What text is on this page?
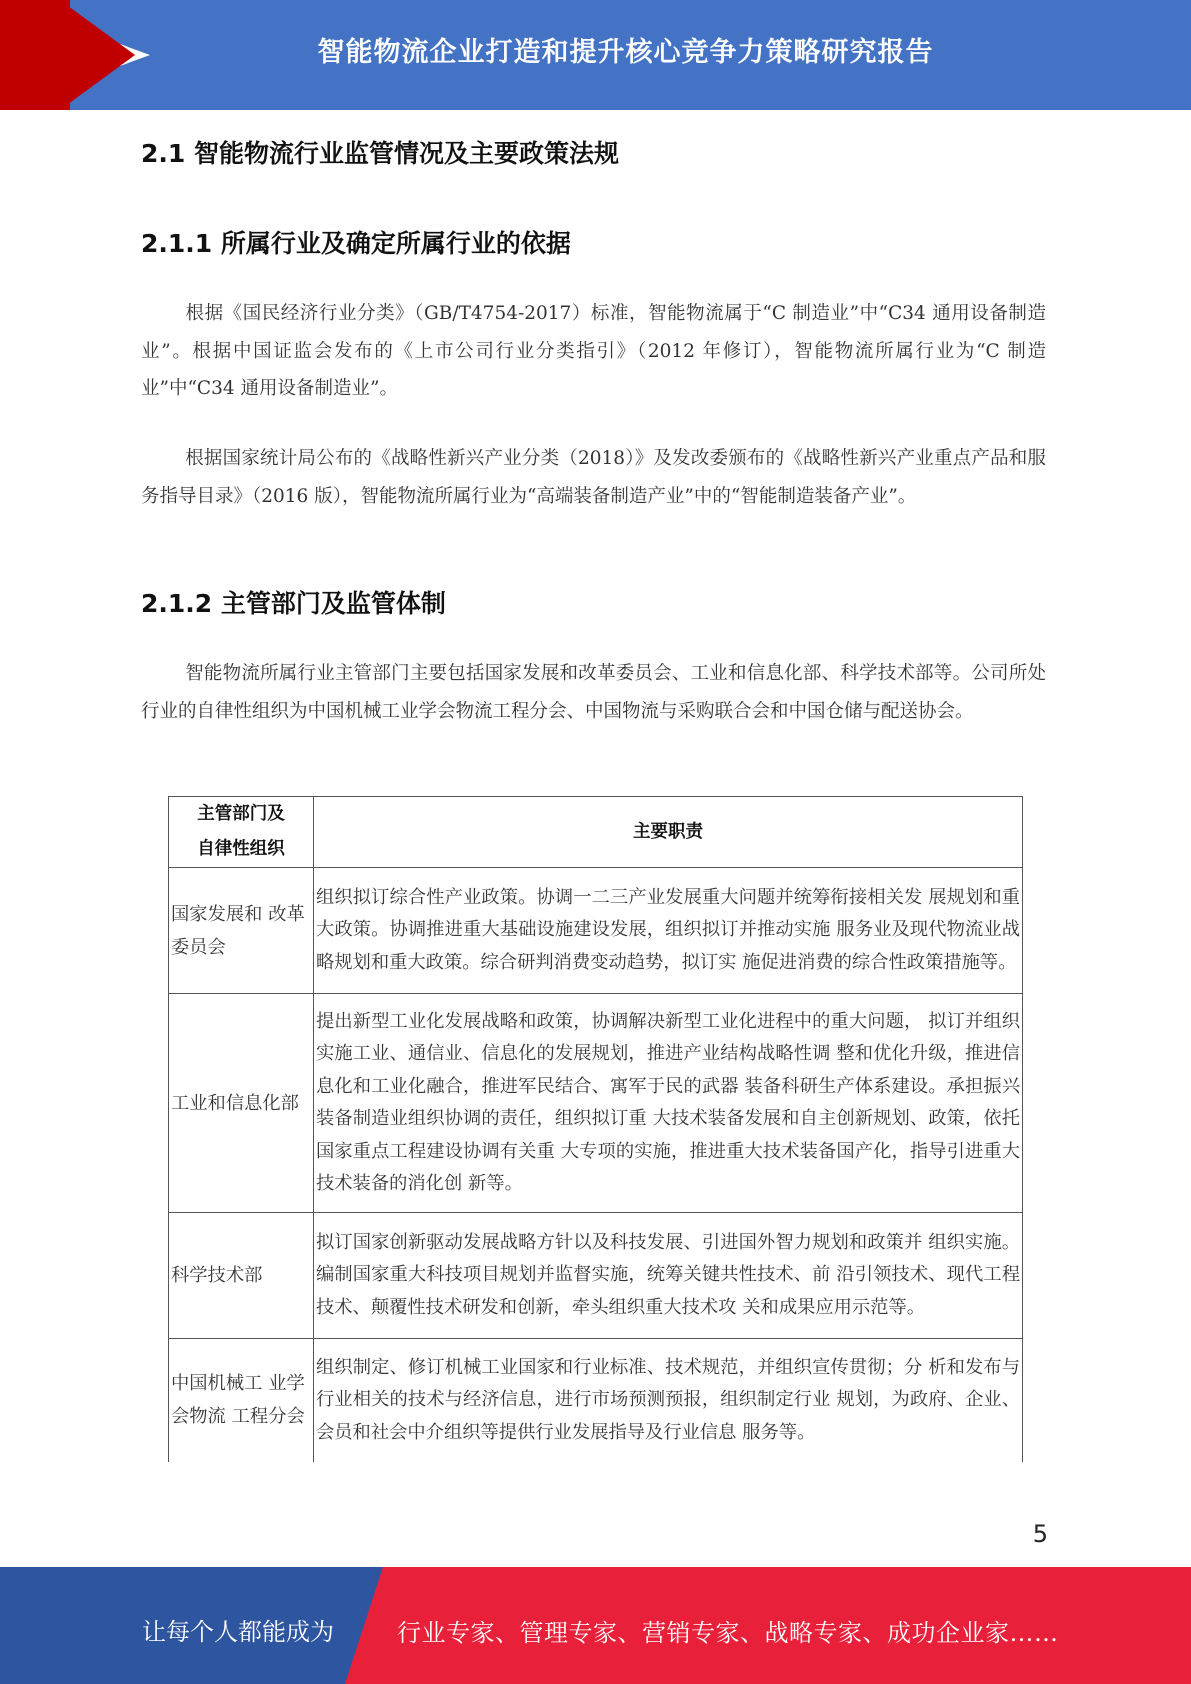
智能物流企业打造和提升核心竞争力策略研究报告
2.1 智能物流行业监管情况及主要政策法规
2.1.1 所属行业及确定所属行业的依据
根据《国民经济行业分类》（GB/T4754-2017）标准，智能物流属于“C 制造业”中“C34 通用设备制造业”。根据中国证监会发布的《上市公司行业分类指引》（2012 年修订），智能物流所属行业为“C 制造业”中“C34 通用设备制造业”。
根据国家统计局公布的《战略性新兴产业分类（2018）》及发改委颁布的《战略性新兴产业重点产品和服务指导目录》（2016 版），智能物流所属行业为“高端装备制造产业”中的“智能制造装备产业”。
2.1.2 主管部门及监管体制
智能物流所属行业主管部门主要包括国家发展和改革委员会、工业和信息化部、科学技术部等。公司所处行业的自律性组织为中国机械工业学会物流工程分会、中国物流与采购联合会和中国仓储与配送协会。
主管部门及
自律性组织	主要职责
国家发展和 改革委员会	组织拟订综合性产业政策。协调一二三产业发展重大问题并统筹衔接相关发 展规划和重大政策。协调推进重大基础设施建设发展，组织拟订并推动实施 服务业及现代物流业战略规划和重大政策。综合研判消费变动趋势，拟订实 施促进消费的综合性政策措施等。
工业和信息化部	提出新型工业化发展战略和政策，协调解决新型工业化进程中的重大问题， 拟订并组织实施工业、通信业、信息化的发展规划，推进产业结构战略性调 整和优化升级，推进信息化和工业化融合，推进军民结合、寓军于民的武器 装备科研生产体系建设。承担振兴装备制造业组织协调的责任，组织拟订重 大技术装备发展和自主创新规划、政策，依托国家重点工程建设协调有关重 大专项的实施，推进重大技术装备国产化，指导引进重大技术装备的消化创 新等。
科学技术部	拟订国家创新驱动发展战略方针以及科技发展、引进国外智力规划和政策并 组织实施。编制国家重大科技项目规划并监督实施，统筹关键共性技术、前 沿引领技术、现代工程技术、颠覆性技术研发和创新，牵头组织重大技术攻 关和成果应用示范等。
中国机械工 业学会物流 工程分会	组织制定、修订机械工业国家和行业标准、技术规范，并组织宣传贯彻；分 析和发布与行业相关的技术与经济信息，进行市场预测预报，组织制定行业 规划，为政府、企业、会员和社会中介组织等提供行业发展指导及行业信息 服务等。
5
让每个人都能成为	行业专家、管理专家、营销专家、战略专家、成功企业家……
